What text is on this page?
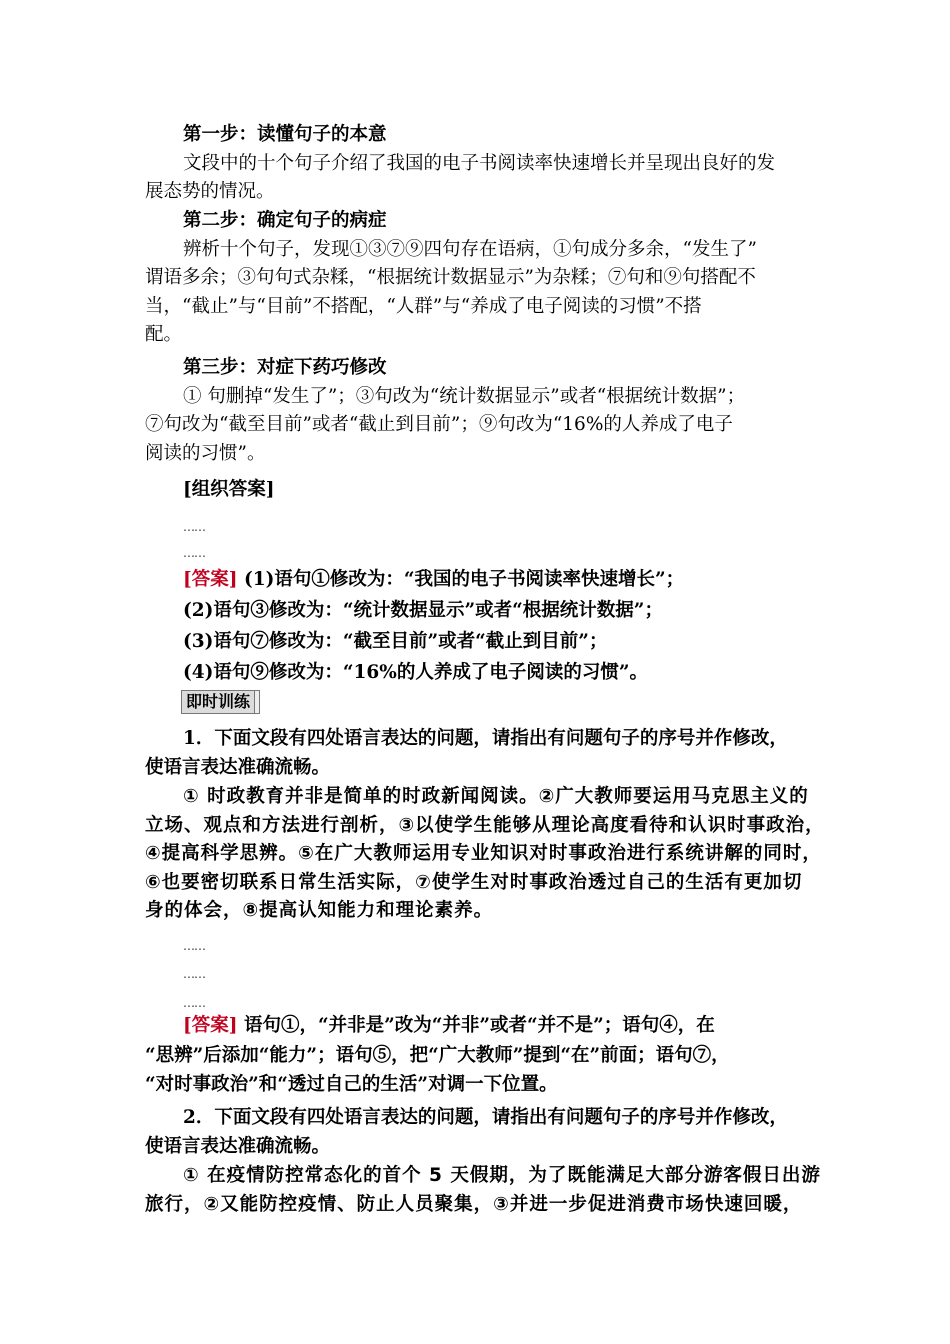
第一步：读懂句子的本意
文段中的十个句子介绍了我国的电子书阅读率快速增长并呈现出良好的发
展态势的情况。
第二步：确定句子的病症
辨析十个句子，发现①③⑦⑨四句存在语病，①句成分多余，“发生了”
谓语多余；③句句式杂糅，“根据统计数据显示”为杂糅；⑦句和⑨句搭配不
当，“截止”与“目前”不搭配，“人群”与“养成了电子阅读的习惯”不搭
配。
第三步：对症下药巧修改
① 句删掉“发生了”；③句改为“统计数据显示”或者“根据统计数据”；
⑦句改为“截至目前”或者“截止到目前”；⑨句改为“16%的人养成了电子
阅读的习惯”。
[组织答案]
……
……
[答案] (1)语句①修改为：“我国的电子书阅读率快速增长”；
(2)语句③修改为：“统计数据显示”或者“根据统计数据”；
(3)语句⑦修改为：“截至目前”或者“截止到目前”；
(4)语句⑨修改为：“16%的人养成了电子阅读的习惯”。
即时训练
1．下面文段有四处语言表达的问题，请指出有问题句子的序号并作修改，
使语言表达准确流畅。
① 时政教育并非是简单的时政新闻阅读。②广大教师要运用马克思主义的
立场、观点和方法进行剖析，③以使学生能够从理论高度看待和认识时事政治，
④提高科学思辨。⑤在广大教师运用专业知识对时事政治进行系统讲解的同时，
⑥也要密切联系日常生活实际，⑦使学生对时事政治透过自己的生活有更加切
身的体会，⑧提高认知能力和理论素养。
……
……
……
[答案] 语句①，“并非是”改为“并非”或者“并不是”；语句④，在
“思辨”后添加“能力”；语句⑤，把“广大教师”提到“在”前面；语句⑦，
“对时事政治”和“透过自己的生活”对调一下位置。
2．下面文段有四处语言表达的问题，请指出有问题句子的序号并作修改，
使语言表达准确流畅。
① 在疫情防控常态化的首个 5 天假期，为了既能满足大部分游客假日出游
旅行，②又能防控疫情、防止人员聚集，③并进一步促进消费市场快速回暖，
